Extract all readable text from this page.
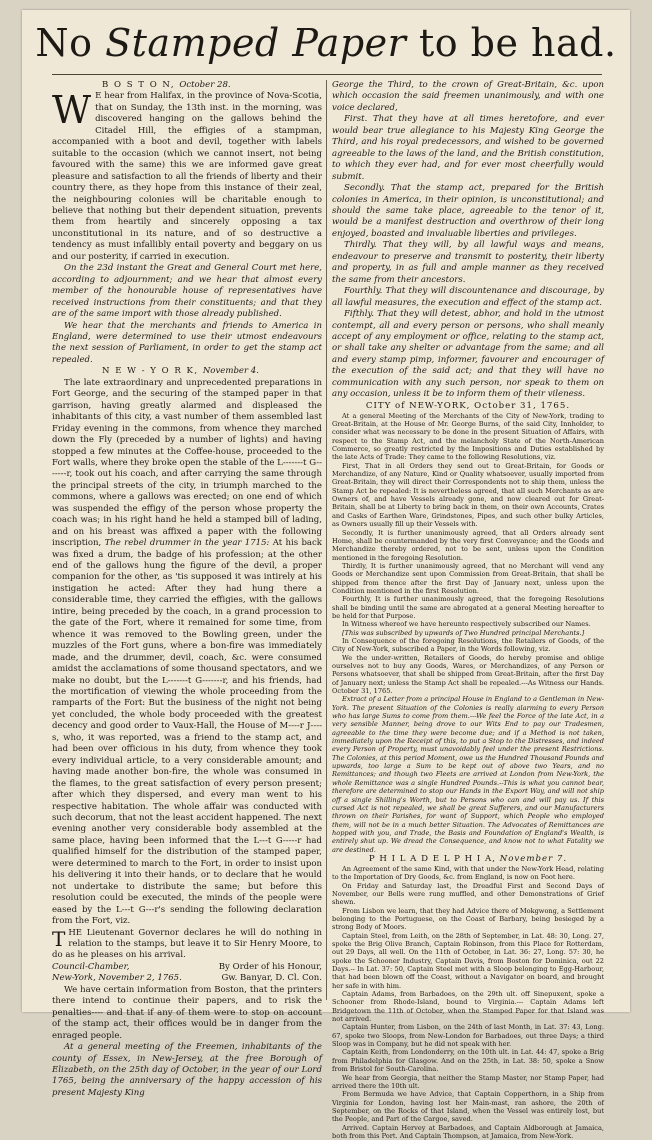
No Stamped Paper to be had.

B O S T O N, October 28.

W E hear from Halifax, in the province of Nova-Scotia, that on Sunday, the 13th inst. in the morning, was discovered hanging on the gallows behind the Citadel Hill, the effigies of a stampman, accompanied with a boot and devil, together with labels suitable to the occasion (which we cannot insert, not being favoured with the same) this we are informed gave great pleasure and satisfaction to all the friends of liberty and their country there, as they hope from this instance of their zeal, the neighbouring colonies will be charitable enough to believe that nothing but their dependent situation, prevents them from heartily and sincerely opposing a tax unconstitutional in its nature, and of so destructive a tendency as must infallibly entail poverty and beggary on us and our posterity, if carried in execution.

On the 23d instant the Great and General Court met here, according to adjournment; and we hear that almost every member of the honourable house of representatives have received instructions from their constituents; and that they are of the same import with those already published.

We hear that the merchants and friends to America in England, were determined to use their utmost endeavours the next session of Parliament, in order to get the stamp act repealed.

N E W - Y O R K, November 4.

The late extraordinary and unprecedented preparations in Fort George, and the securing of the stamped paper in that garrison, having greatly alarmed and displeased the inhabitants of this city, a vast number of them assembled last Friday evening in the commons, from whence they marched down the Fly (preceded by a number of lights) and having stopped a few minutes at the Coffee-house, proceeded to the Fort walls, where they broke open the stable of the L-------t G-------r, took out his coach, and after carrying the same through the principal streets of the city, in triumph marched to the commons, where a gallows was erected; on one end of which was suspended the effigy of the person whose property the coach was; in his right hand he held a stamped bill of lading, and on his breast was affixed a paper with the following inscription, The rebel drummer in the year 1715: At his back was fixed a drum, the badge of his profession; at the other end of the gallows hung the figure of the devil, a proper companion for the other, as 'tis supposed it was intirely at his instigation he acted: After they had hung there a considerable time, they carried the effigies, with the gallows intire, being preceded by the coach, in a grand procession to the gate of the Fort, where it remained for some time, from whence it was removed to the Bowling green, under the muzzles of the Fort guns, where a bon-fire was immediately made, and the drummer, devil, coach, &c. were consumed amidst the acclamations of some thousand spectators, and we make no doubt, but the L-------t G-------r, and his friends, had the mortification of viewing the whole proceeding from the ramparts of the Fort: But the business of the night not being yet concluded, the whole body proceeded with the greatest decency and good order to Vaux-Hall, the House of M----r J----s, who, it was reported, was a friend to the stamp act, and had been over officious in his duty, from whence they took every individual article, to a very considerable amount; and having made another bon-fire, the whole was consumed in the flames, to the great satisfaction of every person present; after which they dispersed, and every man went to his respective habitation. The whole affair was conducted with such decorum, that not the least accident happened. The next evening another very considerable body assembled at the same place, having been informed that the L---t G-----r had qualified himself for the distribution of the stamped paper, were determined to march to the Fort, in order to insist upon his delivering it into their hands, or to declare that he would not undertake to distribute the same; but before this resolution could be executed, the minds of the people were eased by the L---t G---r's sending the following declaration from the Fort, viz.

THE Lieutenant Governor declares he will do nothing in relation to the stamps, but leave it to Sir Henry Moore, to do as he pleases on his arrival.

Council-Chamber,	By Order of his Honour,
New-York, November 2, 1765.	Gw. Banyar, D. Cl. Con.

We have certain information from Boston, that the printers there intend to continue their papers, and to risk the penalties---- and that if any of them were to stop on account of the stamp act, their offices would be in danger from the enraged people.

At a general meeting of the Freemen, inhabitants of the county of Essex, in New-Jersey, at the free Borough of Elizabeth, on the 25th day of October, in the year of our Lord 1765, being the anniversary of the happy accession of his present Majesty King

George the Third, to the crown of Great-Britain, &c. upon which occasion the said freemen unanimously, and with one voice declared,

First. That they have at all times heretofore, and ever would bear true allegiance to his Majesty King George the Third, and his royal predecessors, and wished to be governed agreeable to the laws of the land, and the British constitution, to which they ever had, and for ever most cheerfully would submit.

Secondly. That the stamp act, prepared for the British colonies in America, in their opinion, is unconstitutional; and should the same take place, agreeable to the tenor of it, would be a manifest destruction and overthrow of their long enjoyed, boasted and invaluable liberties and privileges.

Thirdly. That they will, by all lawful ways and means, endeavour to preserve and transmit to posterity, their liberty and property, in as full and ample manner as they received the same from their ancestors.

Fourthly. That they will discountenance and discourage, by all lawful measures, the execution and effect of the stamp act.

Fifthly. That they will detest, abhor, and hold in the utmost contempt, all and every person or persons, who shall meanly accept of any employment or office, relating to the stamp act, or shall take any shelter or advantage from the same; and all and every stamp pimp, informer, favourer and encourager of the execution of the said act; and that they will have no communication with any such person, nor speak to them on any occasion, unless it be to inform them of their vileness.

CITY of NEW-YORK, October 31, 1765.

At a general Meeting of the Merchants of the City of New-York, trading to Great-Britain, at the House of Mr. George Burns, of the said City, Innholder, to consider what was necessary to be done in the present Situation of Affairs, with respect to the Stamp Act, and the melancholy State of the North-American Commerce, so greatly restricted by the Impositions and Duties established by the late Acts of Trade: They came to the following Resolutions, viz.

First, That in all Orders they send out to Great-Britain, for Goods or Merchandize, of any Nature, Kind or Quality whatsoever, usually imported from Great-Britain, they will direct their Correspondents not to ship them, unless the Stamp Act be repealed: It is nevertheless agreed, that all such Merchants as are Owners of, and have Vessels already gone, and now cleared out for Great-Britain, shall be at Liberty to bring back in them, on their own Accounts, Crates and Casks of Earthen Ware, Grindstones, Pipes, and such other bulky Articles, as Owners usually fill up their Vessels with.

Secondly, It is further unanimously agreed, that all Orders already sent Home, shall be countermanded by the very first Conveyance; and the Goods and Merchandize thereby ordered, not to be sent, unless upon the Condition mentioned in the foregoing Resolution.

Thirdly, It is further unanimously agreed, that no Merchant will vend any Goods or Merchandize sent upon Commission from Great-Britain, that shall be shipped from thence after the first Day of January next, unless upon the Condition mentioned in the first Resolution.

Fourthly, It is further unanimously agreed, that the foregoing Resolutions shall be binding until the same are abrogated at a general Meeting hereafter to be held for that Purpose.

In Witness whereof we have hereunto respectively subscribed our Names.

[This was subscribed by upwards of Two Hundred principal Merchants.]

In Consequence of the foregoing Resolutions, the Retailers of Goods, of the City of New-York, subscribed a Paper, in the Words following, viz.

We the under-written, Retailers of Goods, do hereby promise and oblige ourselves not to buy any Goods, Wares, or Merchandizes, of any Person or Persons whatsoever, that shall be shipped from Great-Britain, after the first Day of January next; unless the Stamp Act shall be repealed.---As Witness our Hands. October 31, 1765.

Extract of a Letter from a principal House in England to a Gentleman in New-York. The present Situation of the Colonies is really alarming to every Person who has large Sums to come from them.---We feel the Force of the late Act, in a very sensible Manner, being drove to our Wits End to pay our Tradesmen, agreeable to the time they were become due; and if a Method is not taken, immediately upon the Receipt of this, to put a Stop to the Distresses, and indeed every Person of Property, must unavoidably feel under the present Restrictions. The Colonies, at this period Moment, owe us the Hundred Thousand Pounds and upwards, too large a Sum to be kept out of above two Years, and no Remittances; and though two Fleets are arrived at London from New-York, the whole Remittance was a single Hundred Pounds.--This is what you cannot bear, therefore are determined to stop our Hands in the Export Way, and will not ship off a single Shilling's Worth, but to Persons who can and will pay us. If this cursed Act is not repealed, we shall be great Sufferers, and our Manufacturers thrown on their Parishes, for want of Support, which People who employed them, will not be in a much better Situation. The Advocates of Remittances are hopped with you, and Trade, the Basis and Foundation of England's Wealth, is entirely shut up. We dread the Consequence, and know not to what Fatality we are destined.

P H I L A D E L P H I A, November 7.

An Agreement of the same Kind, with that under the New-York Head, relating to the Importation of Dry Goods, &c. from England, is now on Foot here.

On Friday and Saturday last, the Dreadful First and Second Days of November, our Bells were rung muffled, and other Demonstrations of Grief shewn.

From Lisbon we learn, that they had Advice there of Mokgwong, a Settlement belonging to the Portuguese, on the Coast of Barbary, being besieged by a strong Body of Moors.

Captain Steel, from Leith, on the 28th of September, in Lat. 48: 30, Long. 27, spoke the Brig Olive Branch, Captain Robinson, from this Place for Rotterdam, out 29 Days, all well. On the 11th of October, in Lat. 36: 27, Long. 57: 30, he spoke the Schooner Industry, Captain Davis, from Boston for Dominica, out 22 Days.-- In Lat. 37: 50, Captain Steel met with a Sloop belonging to Egg-Harbour, that had been blown off the Coast, without a Navigator on board, and brought her safe in with him.

Captain Adams, from Barbadoes, on the 29th ult. off Sinepuxent, spoke a Schooner from Rhode-Island, bound to Virginia.--- Captain Adams left Bridgetown the 11th of October, when the Stamped Paper for that Island was not arrived.

Captain Hunter, from Lisbon, on the 24th of last Month, in Lat. 37: 43, Long. 67, spoke two Sloops, from New-London for Barbadoes, out three Days; a third Sloop was in Company, but he did not speak with her.

Captain Keith, from Londonderry, on the 10th ult. in Lat. 44: 47, spoke a Brig from Philadelphia for Glasgow. And on the 25th, in Lat. 38: 50, spoke a Snow from Bristol for South-Carolina.

We hear from Georgia, that neither the Stamp Master, nor Stamp Paper, had arrived there the 10th ult.

From Bermuda we have Advice, that Captain Copperthorn, in a Ship from Virginia for London, having lost her Main-mast, ran ashore, the 20th of September, on the Rocks of that Island, when the Vessel was entirely lost, but the People, and Part of the Cargoe, saved.

Arrived. Captain Hervey at Barbadoes, and Captain Aldborough at Jamaica, both from this Port. And Captain Thompson, at Jamaica, from New-York.
